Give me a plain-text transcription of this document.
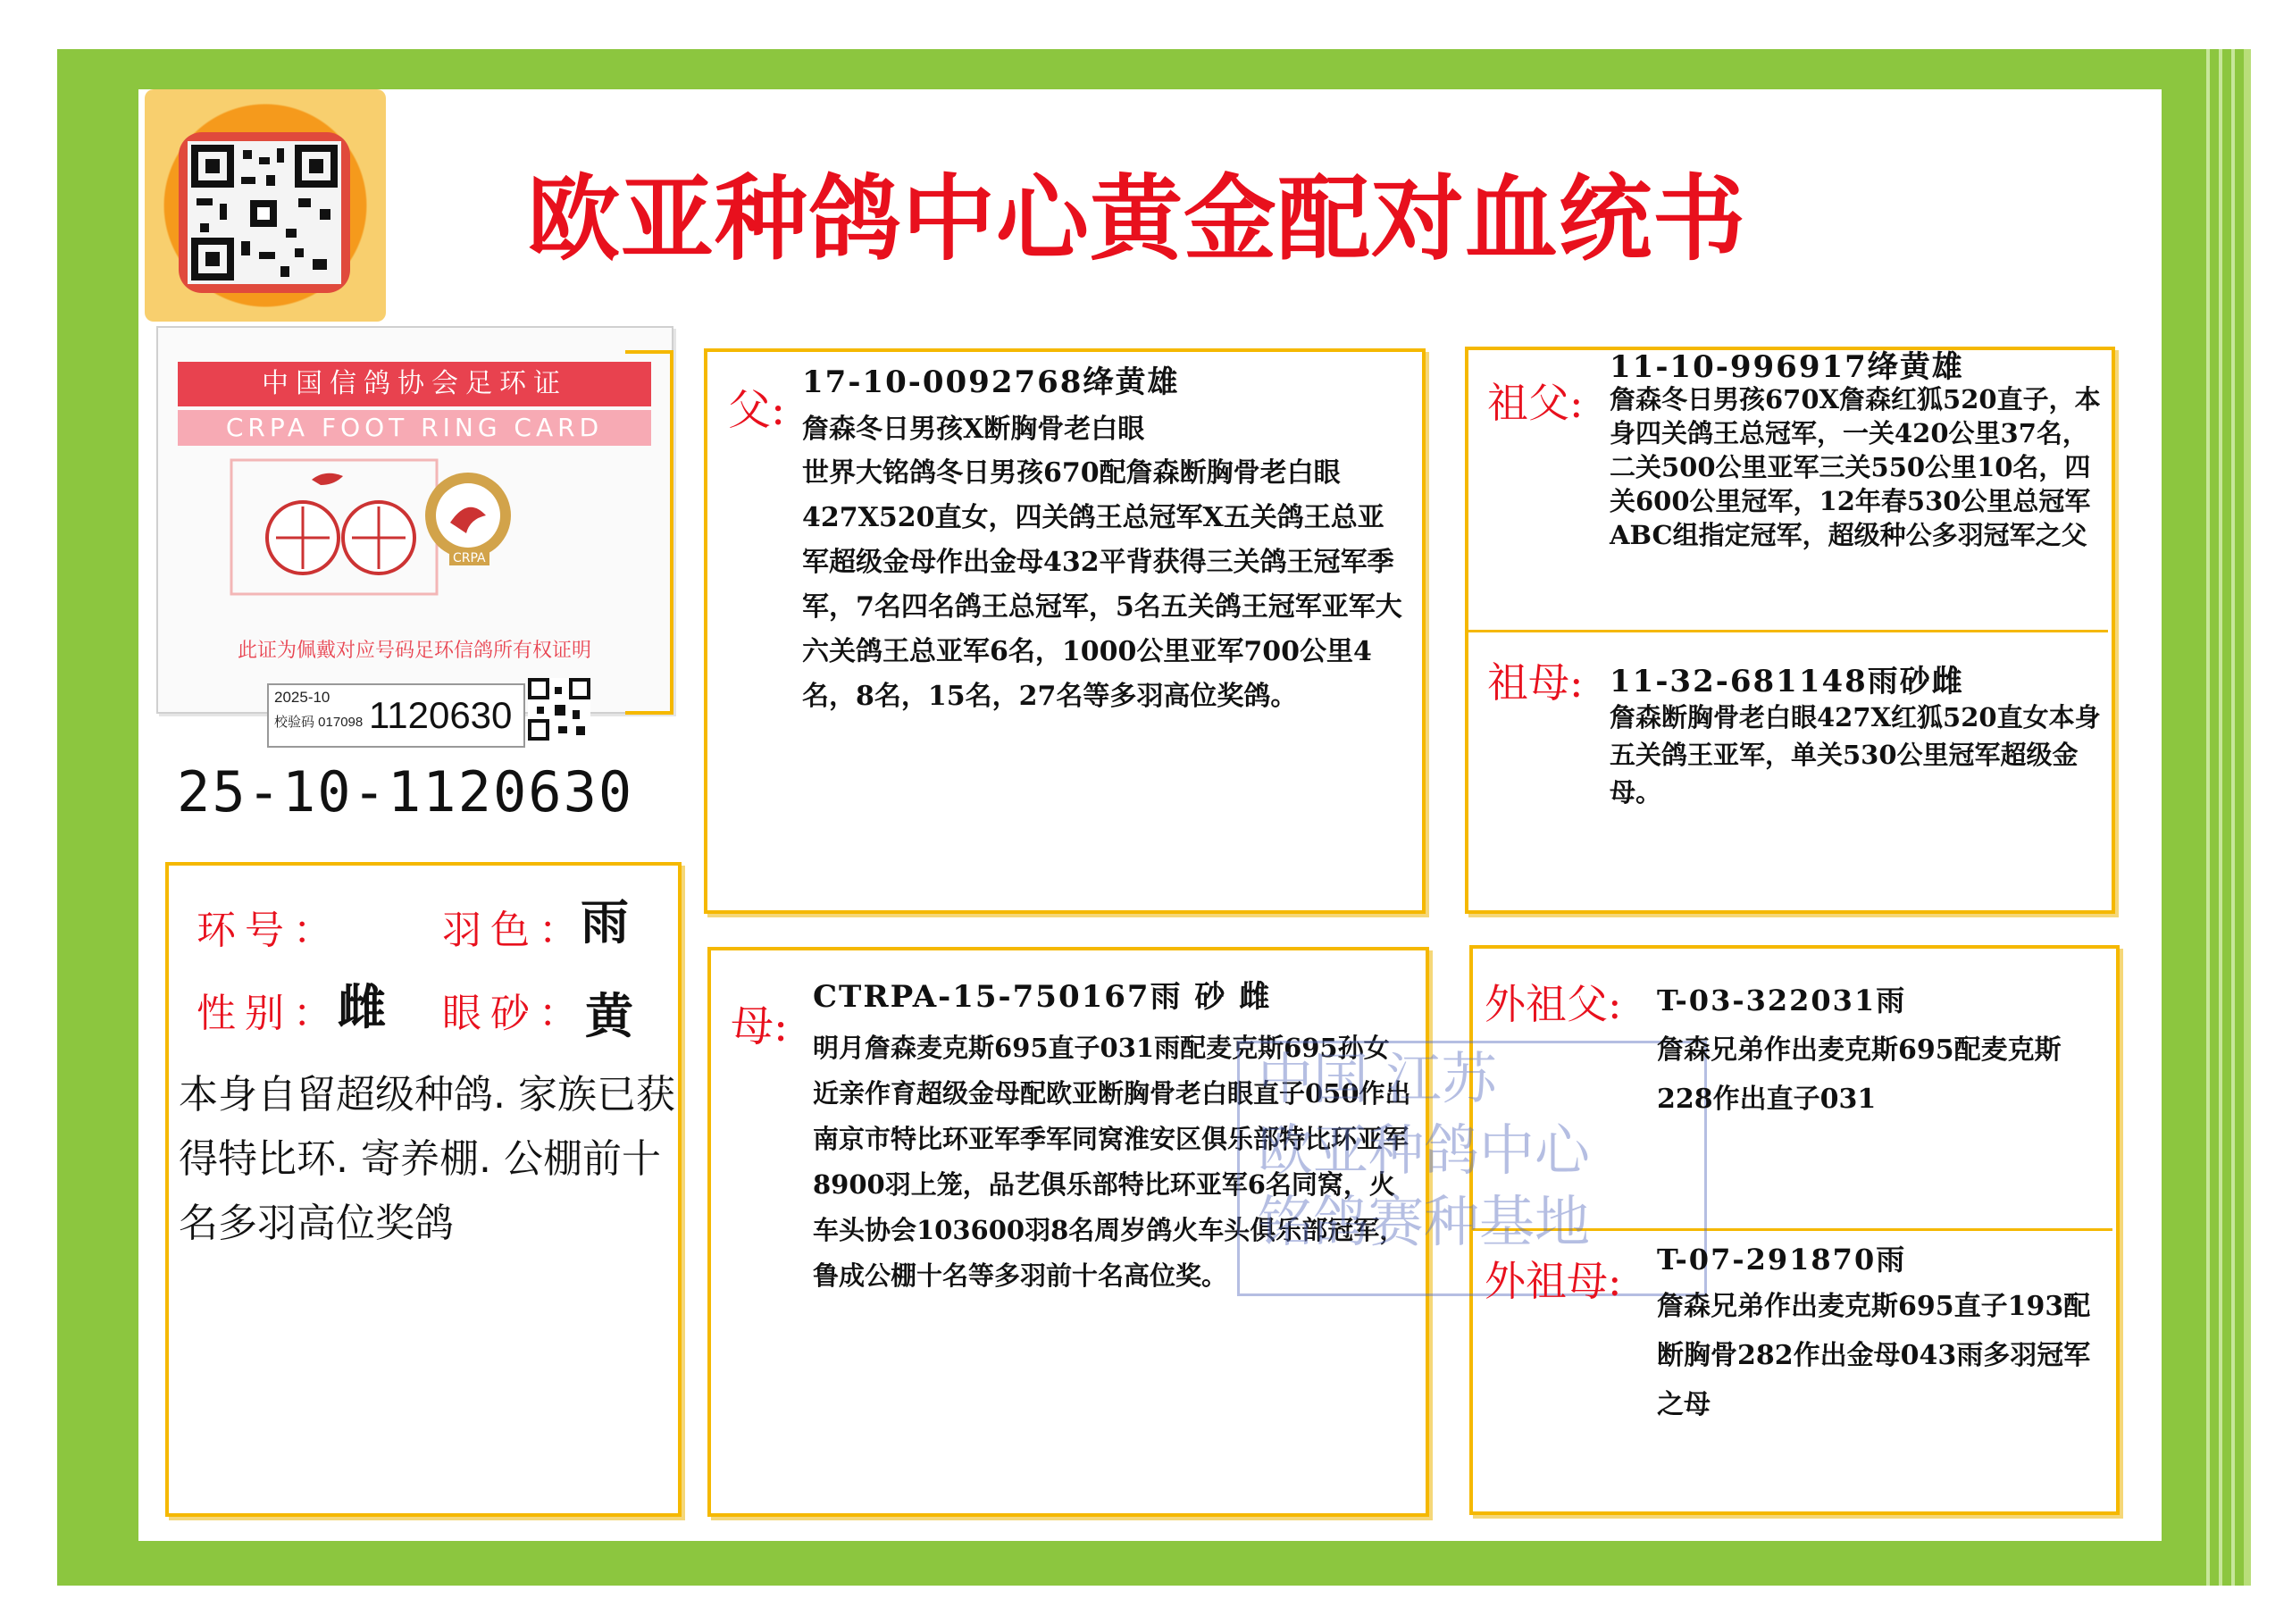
欧亚种鸽中心黄金配对血统书
中国信鸽协会足环证
CRPA FOOT RING CARD
CRPA
2025-10
校验码 017098 1120630
此证为佩戴对应号码足环信鸽所有权证明
25-10-1120630
环号：	羽色：
雨
性别：
雌 眼砂：
黄
本身自留超级种鸽. 家族已获得特比环. 寄养棚. 公棚前十名多羽高位奖鸽
父:
17-10-0092768绛黄雄
詹森冬日男孩X断胸骨老白眼
世界大铭鸽冬日男孩670配詹森断胸骨老白眼427X520直女，四关鸽王总冠军X五关鸽王总亚军超级金母作出金母432平背获得三关鸽王冠军季军，7名四名鸽王总冠军，5名五关鸽王冠军亚军大六关鸽王总亚军6名，1000公里亚军700公里4名，8名，15名，27名等多羽高位奖鸽。
母:
CTRPA-15-750167雨 砂 雌
明月詹森麦克斯695直子031雨配麦克斯695孙女近亲作育超级金母配欧亚断胸骨老白眼直子050作出南京市特比环亚军季军同窝淮安区俱乐部特比环亚军8900羽上笼，品艺俱乐部特比环亚军6名同窝，火车头协会103600羽8名周岁鸽火车头俱乐部冠军，鲁成公棚十名等多羽前十名高位奖。
祖父:
11-10-996917绛黄雄
詹森冬日男孩670X詹森红狐520直子，本身四关鸽王总冠军，一关420公里37名，二关500公里亚军三关550公里10名，四关600公里冠军，12年春530公里总冠军ABC组指定冠军，超级种公多羽冠军之父
祖母: 11-32-681148雨砂雌
詹森断胸骨老白眼427X红狐520直女本身五关鸽王亚军，单关530公里冠军超级金母。
中国 江苏
欧亚种鸽中心
铭鸽赛种基地
外祖父: T-03-322031雨
詹森兄弟作出麦克斯695配麦克斯228作出直子031
外祖母: T-07-291870雨
詹森兄弟作出麦克斯695直子193配断胸骨282作出金母043雨多羽冠军之母
